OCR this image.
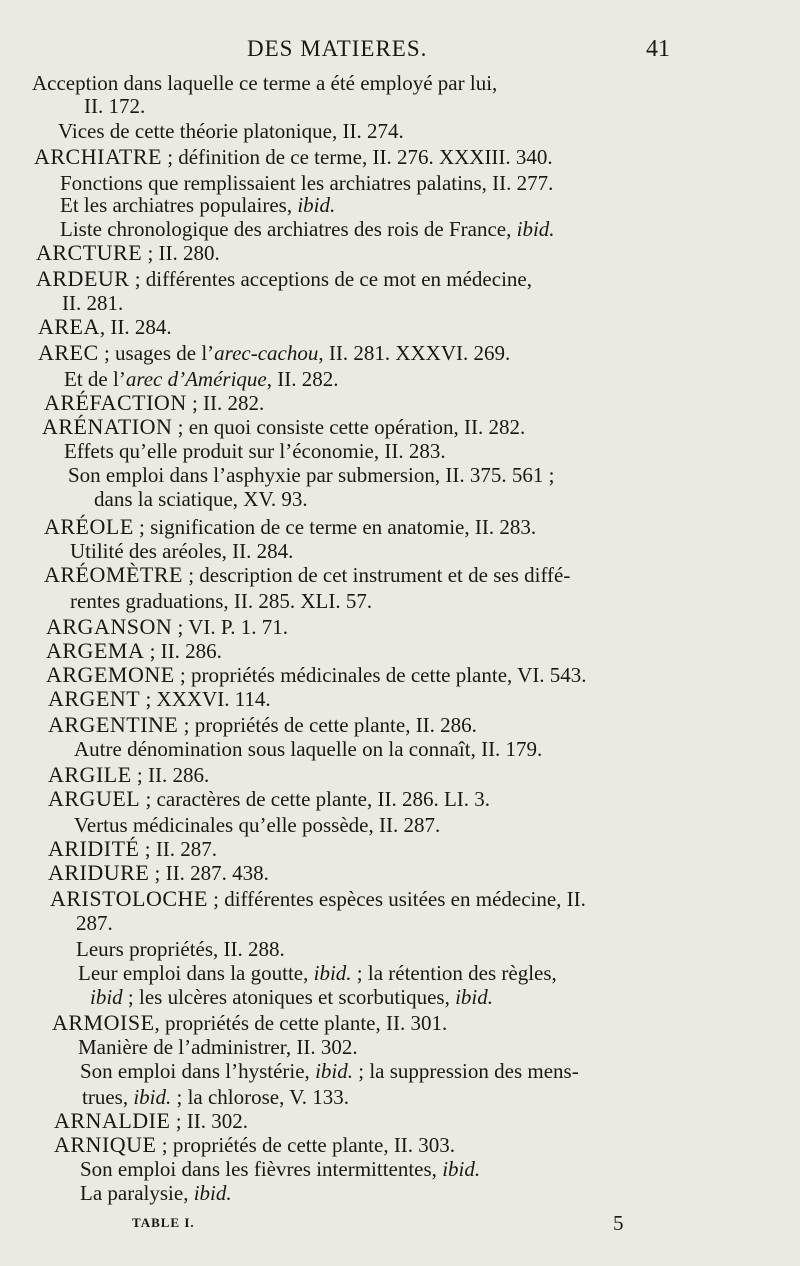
DES MATIERES.	41
Acception dans laquelle ce terme a été employé par lui,
II. 172.
Vices de cette théorie platonique, II. 274.
ARCHIATRE ; définition de ce terme, II. 276. XXXIII. 340.
Fonctions que remplissaient les archiatres palatins, II. 277.
Et les archiatres populaires, ibid.
Liste chronologique des archiatres des rois de France, ibid.
ARCTURE ; II. 280.
ARDEUR ; différentes acceptions de ce mot en médecine,
II. 281.
AREA, II. 284.
AREC ; usages de l’arec-cachou, II. 281. XXXVI. 269.
Et de l’arec d’Amérique, II. 282.
ARÉFACTION ; II. 282.
ARÉNATION ; en quoi consiste cette opération, II. 282.
Effets qu’elle produit sur l’économie, II. 283.
Son emploi dans l’asphyxie par submersion, II. 375. 561 ;
dans la sciatique, XV. 93.
ARÉOLE ; signification de ce terme en anatomie, II. 283.
Utilité des aréoles, II. 284.
ARÉOMÈTRE ; description de cet instrument et de ses diffé-
rentes graduations, II. 285. XLI. 57.
ARGANSON ; VI. P. 1. 71.
ARGEMA ; II. 286.
ARGEMONE ; propriétés médicinales de cette plante, VI. 543.
ARGENT ; XXXVI. 114.
ARGENTINE ; propriétés de cette plante, II. 286.
Autre dénomination sous laquelle on la connaît, II. 179.
ARGILE ; II. 286.
ARGUEL ; caractères de cette plante, II. 286. LI. 3.
Vertus médicinales qu’elle possède, II. 287.
ARIDITÉ ; II. 287.
ARIDURE ; II. 287. 438.
ARISTOLOCHE ; différentes espèces usitées en médecine, II.
287.
Leurs propriétés, II. 288.
Leur emploi dans la goutte, ibid. ; la rétention des règles,
ibid ; les ulcères atoniques et scorbutiques, ibid.
ARMOISE, propriétés de cette plante, II. 301.
Manière de l’administrer, II. 302.
Son emploi dans l’hystérie, ibid. ; la suppression des mens-
trues, ibid. ; la chlorose, V. 133.
ARNALDIE ; II. 302.
ARNIQUE ; propriétés de cette plante, II. 303.
Son emploi dans les fièvres intermittentes, ibid.
La paralysie, ibid.
TABLE I.	5
